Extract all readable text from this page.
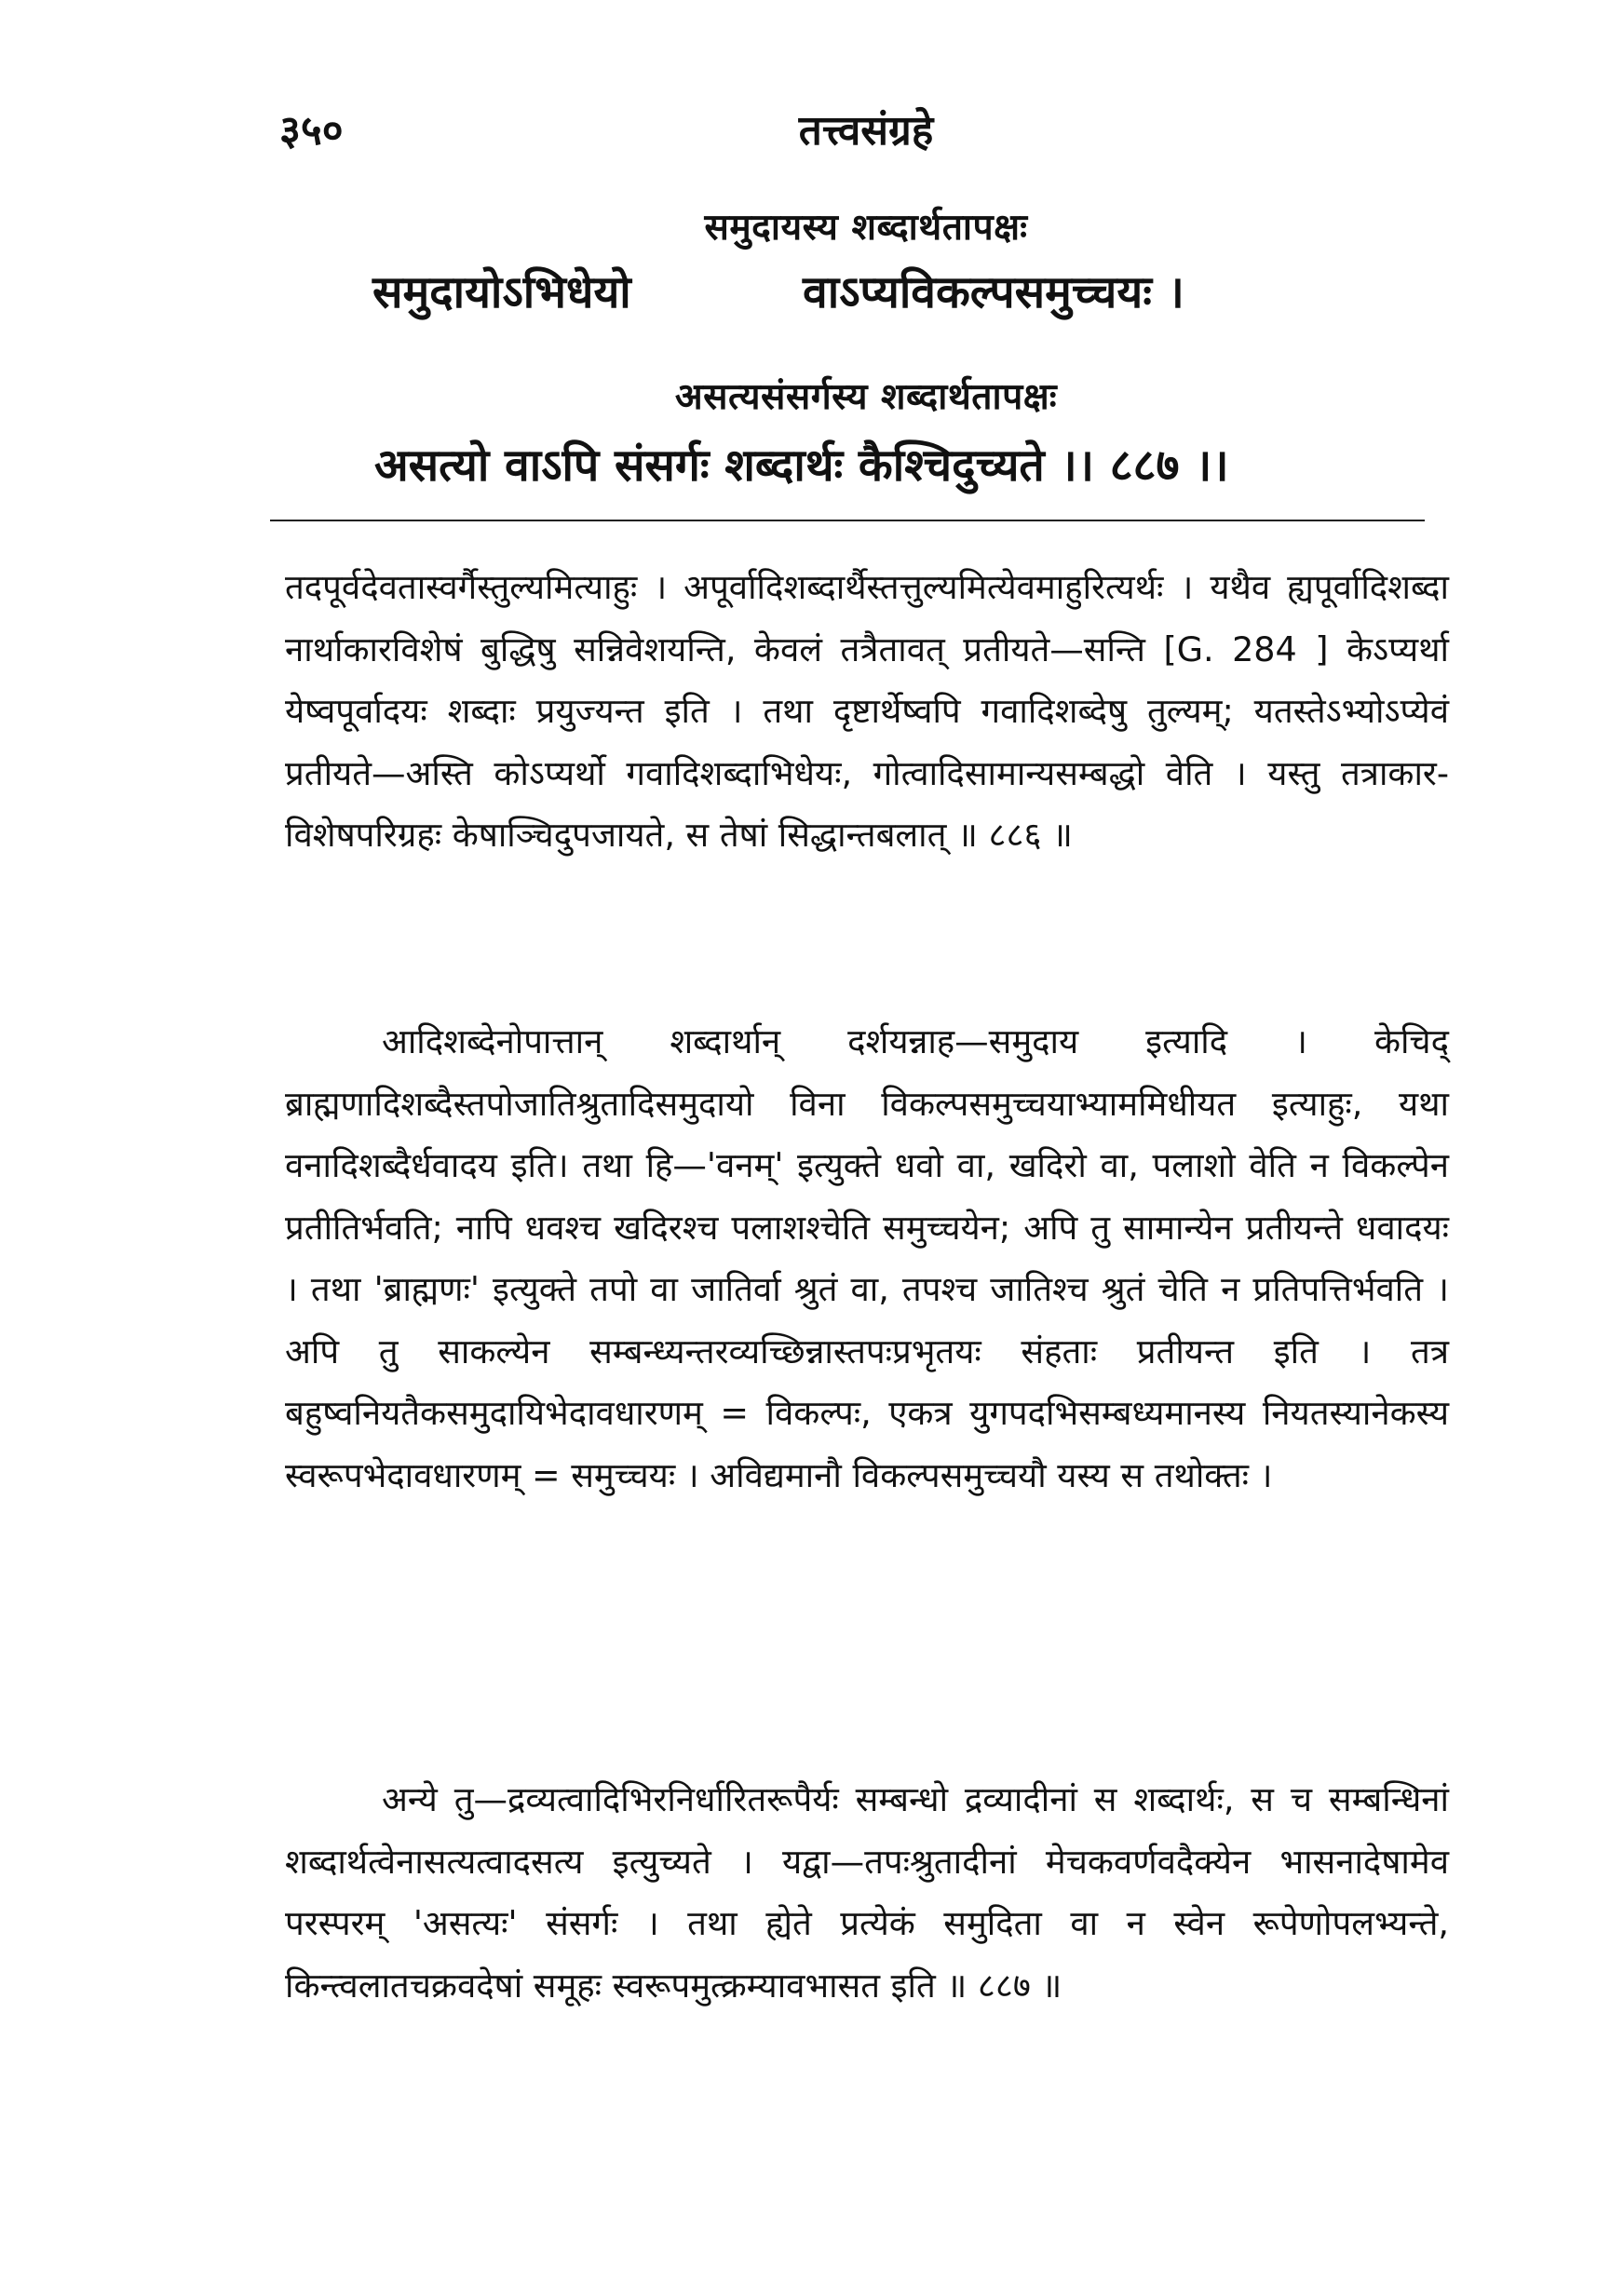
३५०	तत्त्वसंग्रहे
समुदायस्य शब्दार्थतापक्षः
समुदायोऽभिधेयो	वाऽप्यविकल्पसमुच्चयः ।
असत्यसंसर्गस्य शब्दार्थतापक्षः
असत्यो वाऽपि संसर्गः शब्दार्थः कैश्चिदुच्यते ।। ८८७ ।।

तदपूर्वदेवतास्वर्गैस्तुल्यमित्याहुः । अपूर्वादिशब्दार्थैस्तत्तुल्यमित्येवमाहुरित्यर्थः । यथैव ह्यपूर्वादिशब्दा नार्थाकारविशेषं बुद्धिषु सन्निवेशयन्ति, केवलं तत्रैतावत् प्रतीयते—सन्ति [G. 284 ] केऽप्यर्था येष्वपूर्वादयः शब्दाः प्रयुज्यन्त इति । तथा दृष्टार्थेष्वपि गवादिशब्देषु तुल्यम्; यतस्तेऽभ्योऽप्येवं प्रतीयते—अस्ति कोऽप्यर्थो गवादिशब्दाभिधेयः, गोत्वादिसामान्यसम्बद्धो वेति । यस्तु तत्राकार-विशेषपरिग्रहः केषाञ्चिदुपजायते, स तेषां सिद्धान्तबलात् ॥ ८८६ ॥

आदिशब्देनोपात्तान् शब्दार्थान् दर्शयन्नाह—समुदाय इत्यादि । केचिद् ब्राह्मणादिशब्दैस्तपोजातिश्रुतादिसमुदायो विना विकल्पसमुच्चयाभ्याममिधीयत इत्याहुः, यथा वनादिशब्दैर्धवादय इति। तथा हि—'वनम्' इत्युक्ते धवो वा, खदिरो वा, पलाशो वेति न विकल्पेन प्रतीतिर्भवति; नापि धवश्च खदिरश्च पलाशश्चेति समुच्चयेन; अपि तु सामान्येन प्रतीयन्ते धवादयः । तथा 'ब्राह्मणः' इत्युक्ते तपो वा जातिर्वा श्रुतं वा, तपश्च जातिश्च श्रुतं चेति न प्रतिपत्तिर्भवति । अपि तु साकल्येन सम्बन्ध्यन्तरव्यच्छिन्नास्तपःप्रभृतयः संहताः प्रतीयन्त इति । तत्र बहुष्वनियतैकसमुदायिभेदावधारणम् = विकल्पः, एकत्र युगपदभिसम्बध्यमानस्य नियतस्यानेकस्य स्वरूपभेदावधारणम् = समुच्चयः । अविद्यमानौ विकल्पसमुच्चयौ यस्य स तथोक्तः ।

अन्ये तु—द्रव्यत्वादिभिरनिर्धारितरूपैर्यः सम्बन्धो द्रव्यादीनां स शब्दार्थः, स च सम्बन्धिनां शब्दार्थत्वेनासत्यत्वादसत्य इत्युच्यते । यद्वा—तपःश्रुतादीनां मेचकवर्णवदैक्येन भासनादेषामेव परस्परम् 'असत्यः' संसर्गः । तथा ह्येते प्रत्येकं समुदिता वा न स्वेन रूपेणोपलभ्यन्ते, किन्त्वलातचक्रवदेषां समूहः स्वरूपमुत्क्रम्यावभासत इति ॥ ८८७ ॥
